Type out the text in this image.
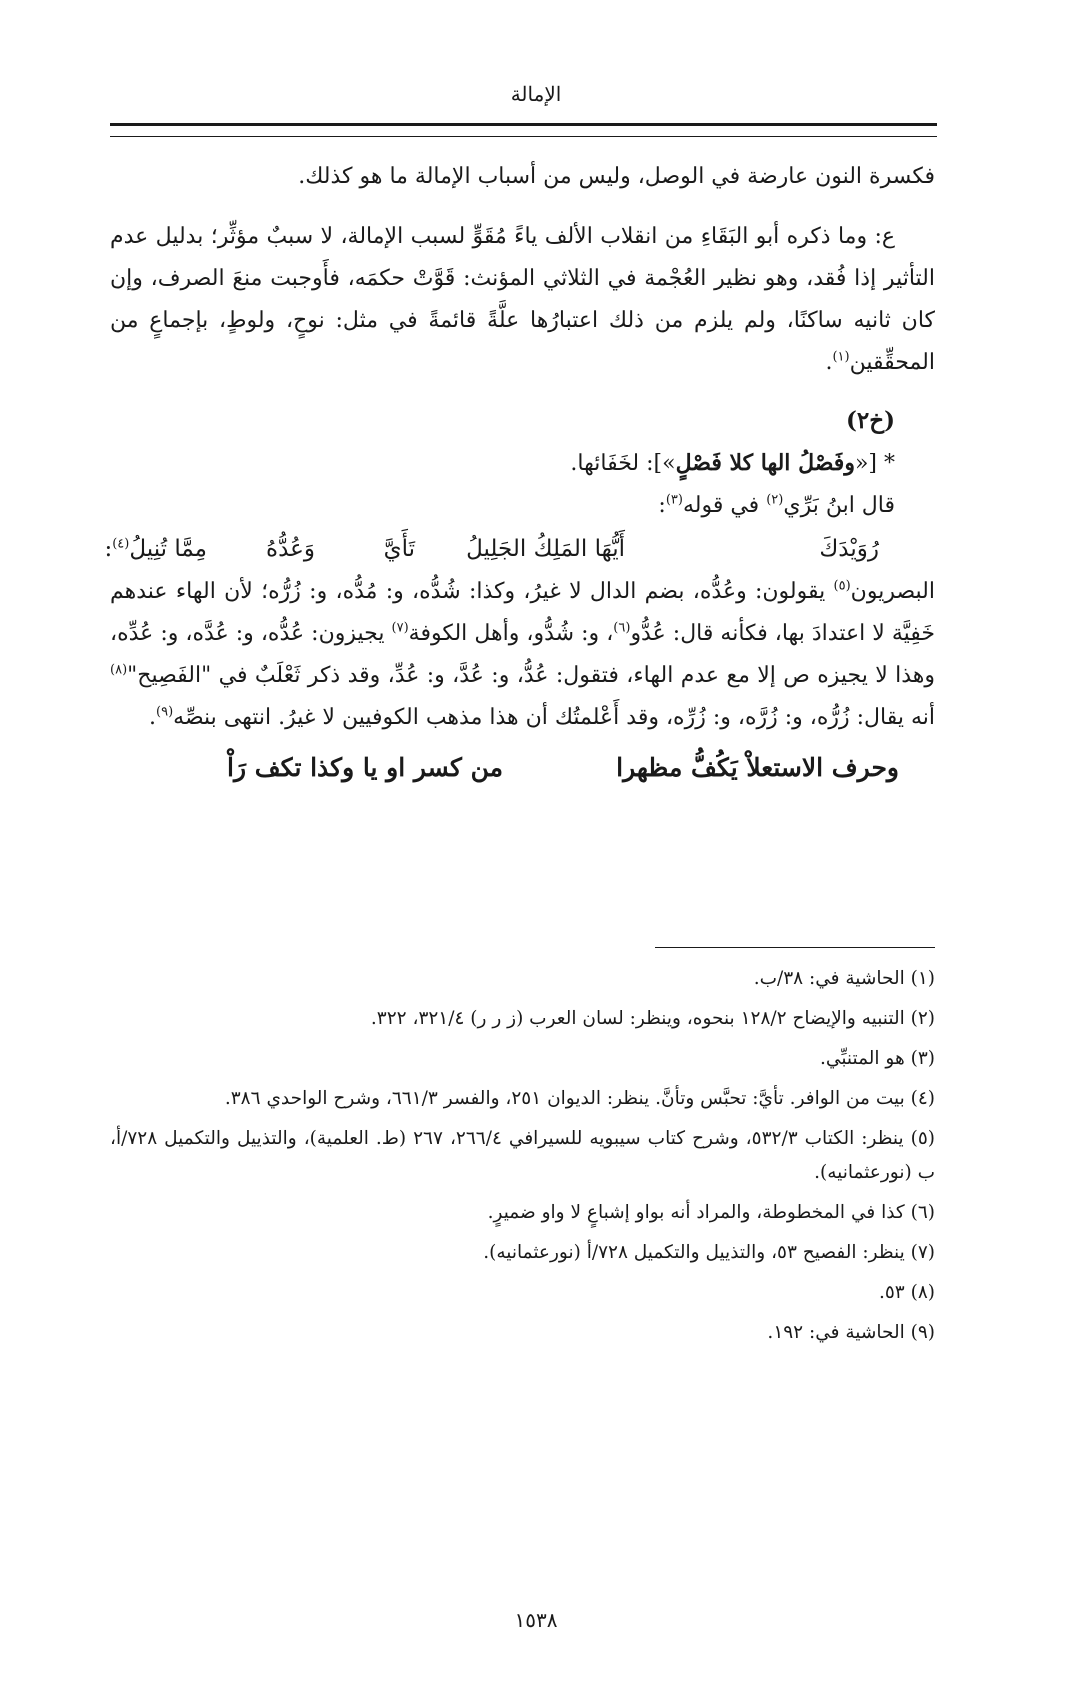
الإمالة

فكسرة النون عارضة في الوصل، وليس من أسباب الإمالة ما هو كذلك.

ع: وما ذكره أبو البَقَاءِ من انقلاب الألف ياءً مُقَوٍّ لسبب الإمالة، لا سببٌ مؤثِّر؛ بدليل عدم التأثير إذا فُقد، وهو نظير العُجْمة في الثلاثي المؤنث: قَوَّتْ حكمَه، فأَوجبت منعَ الصرف، وإن كان ثانيه ساكنًا، ولم يلزم من ذلك اعتبارُها علَّةً قائمةً في مثل: نوحٍ، ولوطٍ، بإجماعٍ من المحقِّقين$^{(١)}$.

(خ٢)

* [«وفَصْلُ الها كلا فَصْلٍ»]: لخَفَائها.

قال ابنُ بَرِّي$^{(٢)}$ في قوله$^{(٣)}$:

رُوَيْدَكَ
أَيُّهَا المَلِكُ الجَلِيلُ
تَأَيَّ
وَعُدُّهُ
مِمَّا تُنِيلُ$^{(٤)}$:

البصريون$^{(٥)}$ يقولون: وعُدُّه، بضم الدال لا غيرُ، وكذا: شُدُّه، و: مُدُّه، و: زُرُّه؛ لأن الهاء عندهم خَفِيَّة لا اعتدادَ بها، فكأنه قال: عُدُّو$^{(٦)}$، و: شُدُّو، وأهل الكوفة$^{(٧)}$ يجيزون: عُدُّه، و: عُدَّه، و: عُدِّه، وهذا لا يجيزه ص إلا مع عدم الهاء، فتقول: عُدُّ، و: عُدَّ، و: عُدِّ، وقد ذكر ثَعْلَبٌ في "الفَصِيح"$^{(٨)}$ أنه يقال: زُرُّه، و: زُرَّه، و: زُرِّه، وقد أَعْلمتُك أن هذا مذهب الكوفيين لا غيرُ. انتهى بنصِّه$^{(٩)}$.

وحرف الاستعلاْ يَكُفُّ مظهرا
من كسر او يا وكذا تكف رَاْ

(١) الحاشية في: ٣٨/ب.

(٢) التنبيه والإيضاح ١٢٨/٢ بنحوه، وينظر: لسان العرب (ز ر ر) ٣٢١/٤، ٣٢٢.

(٣) هو المتنبِّي.

(٤) بيت من الوافر. تأيَّ: تحبَّس وتأنَّ. ينظر: الديوان ٢٥١، والفسر ٦٦١/٣، وشرح الواحدي ٣٨٦.

(٥) ينظر: الكتاب ٥٣٢/٣، وشرح كتاب سيبويه للسيرافي ٢٦٦/٤، ٢٦٧ (ط. العلمية)، والتذييل والتكميل ٧٢٨/أ، ب (نورعثمانيه).

(٦) كذا في المخطوطة، والمراد أنه بواو إشباعٍ لا واو ضميرٍ.

(٧) ينظر: الفصيح ٥٣، والتذييل والتكميل ٧٢٨/أ (نورعثمانيه).

(٨) ٥٣.

(٩) الحاشية في: ١٩٢.

١٥٣٨
